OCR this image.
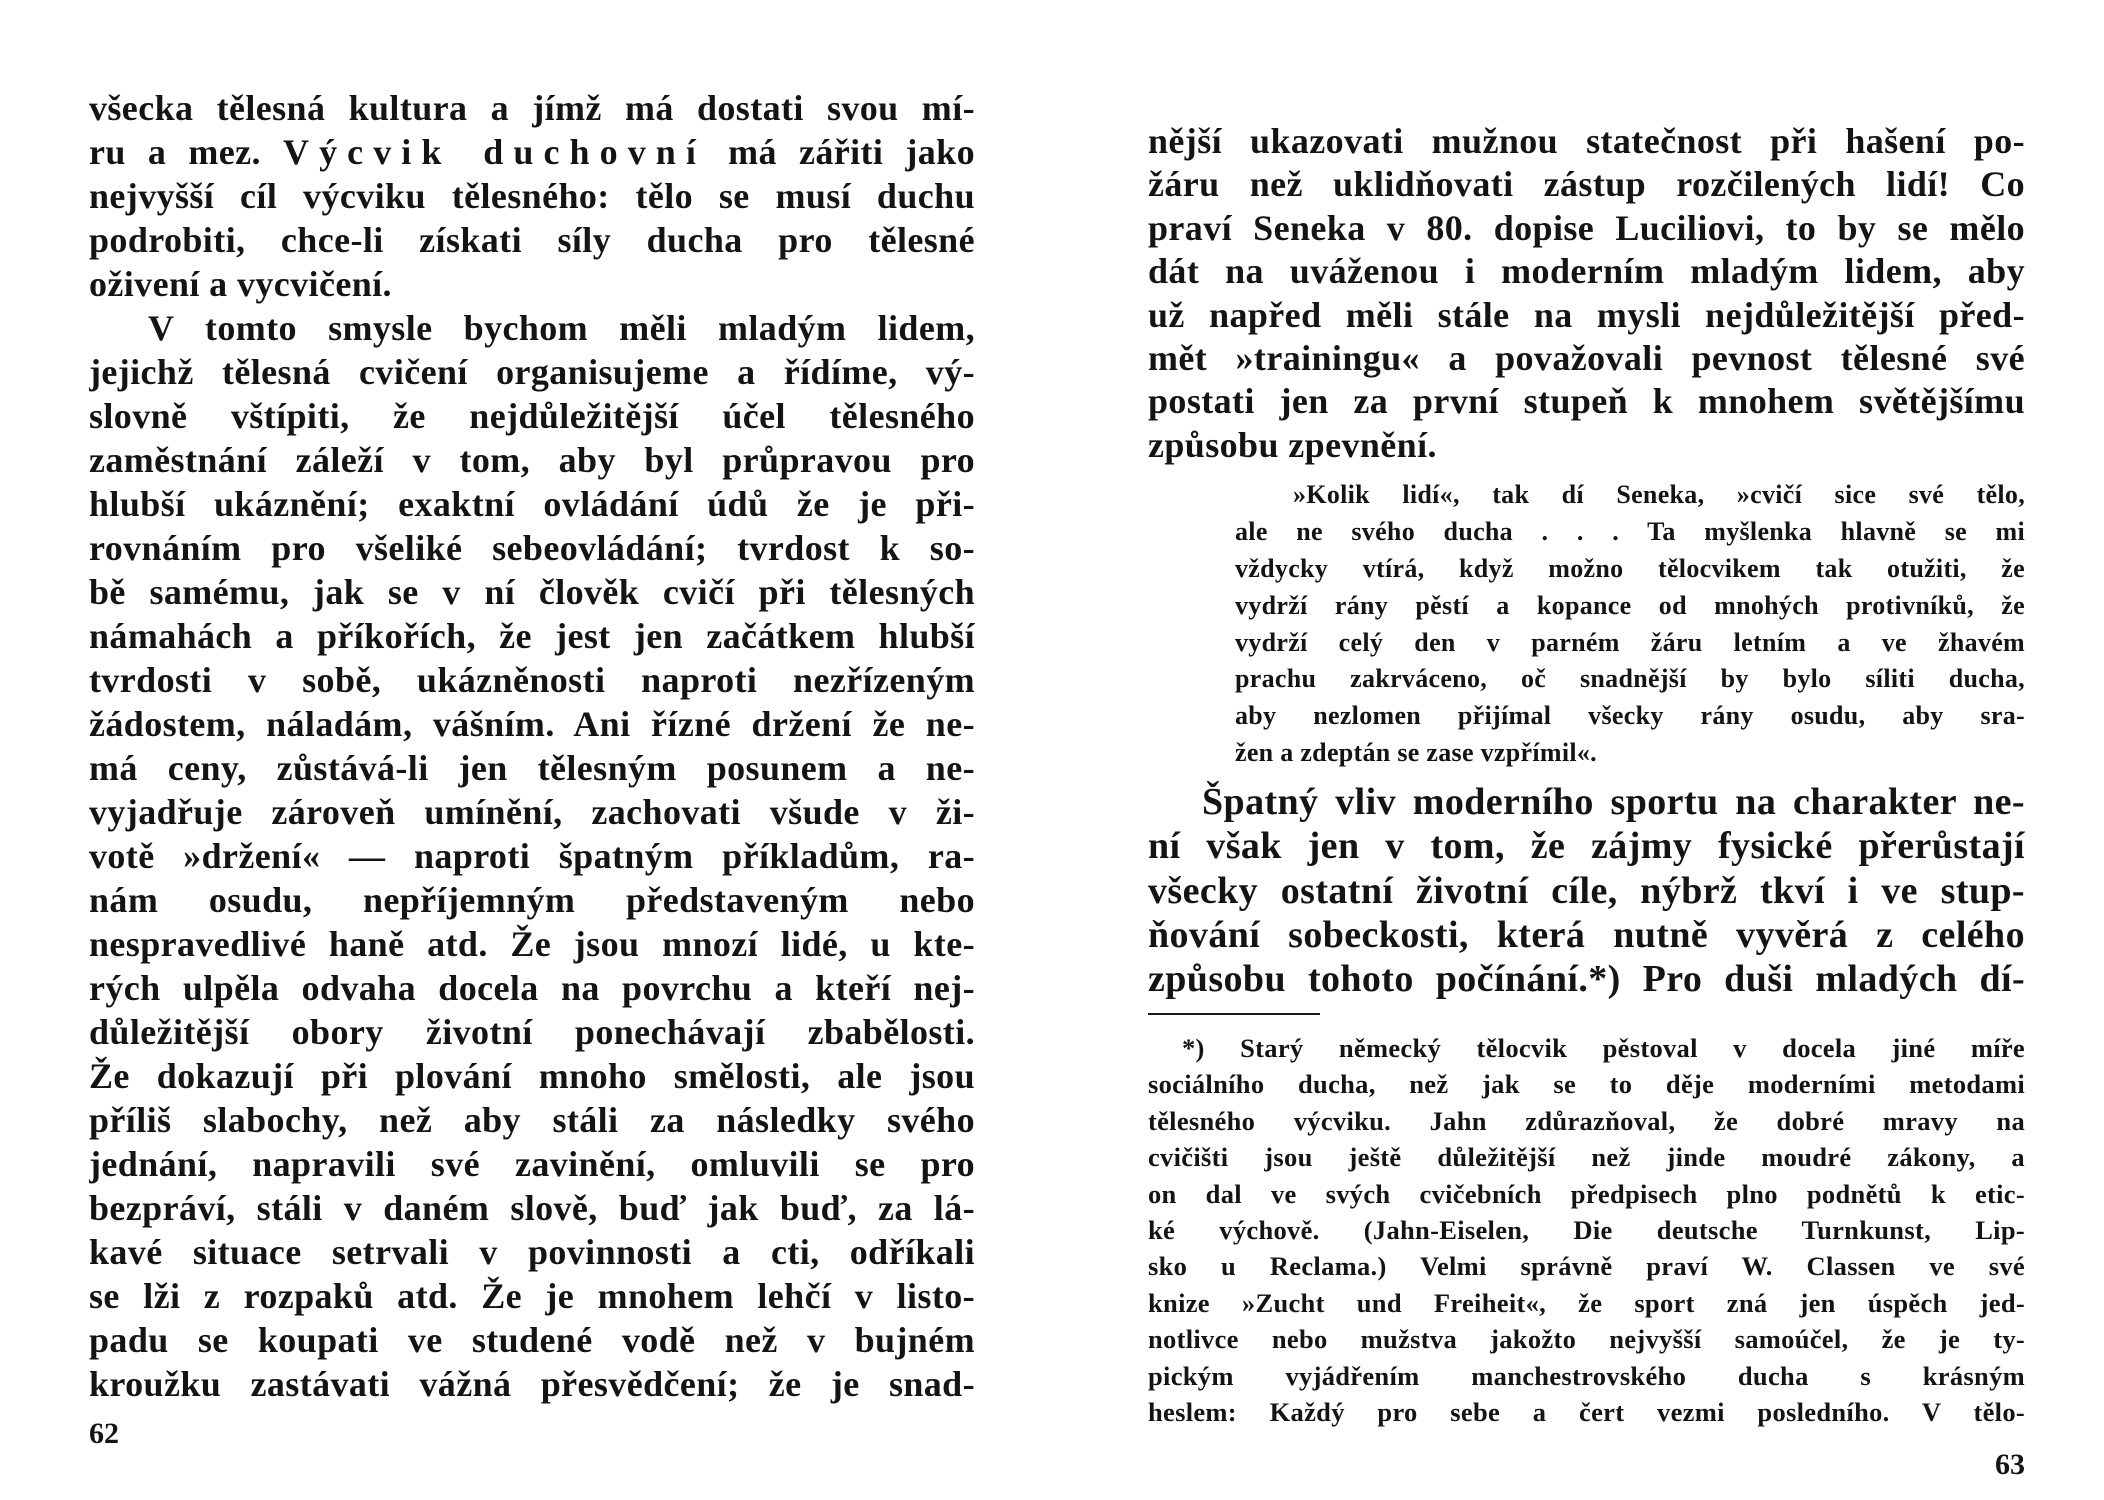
všecka tělesná kultura a jímž má dostati svou mí-
ru a mez. Výcvik duchovní má zářiti jako
nejvyšší cíl výcviku tělesného: tělo se musí duchu
podrobiti, chce-li získati síly ducha pro tělesné
oživení a vycvičení.
V tomto smysle bychom měli mladým lidem,
jejichž tělesná cvičení organisujeme a řídíme, vý-
slovně vštípiti, že nejdůležitější účel tělesného
zaměstnání záleží v tom, aby byl průpravou pro
hlubší ukáznění; exaktní ovládání údů že je při-
rovnáním pro všeliké sebeovládání; tvrdost k so-
bě samému, jak se v ní člověk cvičí při tělesných
námahách a příkořích, že jest jen začátkem hlubší
tvrdosti v sobě, ukázněnosti naproti nezřízeným
žádostem, náladám, vášním. Ani řízné držení že ne-
má ceny, zůstává-li jen tělesným posunem a ne-
vyjadřuje zároveň umínění, zachovati všude v ži-
votě »držení« — naproti špatným příkladům, ra-
nám osudu, nepříjemným představeným nebo
nespravedlivé haně atd. Že jsou mnozí lidé, u kte-
rých ulpěla odvaha docela na povrchu a kteří nej-
důležitější obory životní ponechávají zbabělosti.
Že dokazují při plování mnoho smělosti, ale jsou
příliš slabochy, než aby stáli za následky svého
jednání, napravili své zavinění, omluvili se pro
bezpráví, stáli v daném slově, buď jak buď, za lá-
kavé situace setrvali v povinnosti a cti, odříkali
se lži z rozpaků atd. Že je mnohem lehčí v listo-
padu se koupati ve studené vodě než v bujném
kroužku zastávati vážná přesvědčení; že je snad-
62
nější ukazovati mužnou statečnost při hašení po-
žáru než uklidňovati zástup rozčilených lidí! Co
praví Seneka v 80. dopise Luciliovi, to by se mělo
dát na uváženou i moderním mladým lidem, aby
už napřed měli stále na mysli nejdůležitější před-
mět »trainingu« a považovali pevnost tělesné své
postati jen za první stupeň k mnohem světějšímu
způsobu zpevnění.
»Kolik lidí«, tak dí Seneka, »cvičí sice své tělo,
ale ne svého ducha . . . Ta myšlenka hlavně se mi
vždycky vtírá, když možno tělocvikem tak otužiti, že
vydrží rány pěstí a kopance od mnohých protivníků, že
vydrží celý den v parném žáru letním a ve žhavém
prachu zakrváceno, oč snadnější by bylo síliti ducha,
aby nezlomen přijímal všecky rány osudu, aby sra-
žen a zdeptán se zase vzpřímil«.
Špatný vliv moderního sportu na charakter ne-
ní však jen v tom, že zájmy fysické přerůstají
všecky ostatní životní cíle, nýbrž tkví i ve stup-
ňování sobeckosti, která nutně vyvěrá z celého
způsobu tohoto počínání.*) Pro duši mladých dí-
*) Starý německý tělocvik pěstoval v docela jiné míře
sociálního ducha, než jak se to děje moderními metodami
tělesného výcviku. Jahn zdůrazňoval, že dobré mravy na
cvičišti jsou ještě důležitější než jinde moudré zákony, a
on dal ve svých cvičebních předpisech plno podnětů k etic-
ké výchově. (Jahn-Eiselen, Die deutsche Turnkunst, Lip-
sko u Reclama.) Velmi správně praví W. Classen ve své
knize »Zucht und Freiheit«, že sport zná jen úspěch jed-
notlivce nebo mužstva jakožto nejvyšší samoúčel, že je ty-
pickým vyjádřením manchestrovského ducha s krásným
heslem: Každý pro sebe a čert vezmi posledního. V tělo-
63
